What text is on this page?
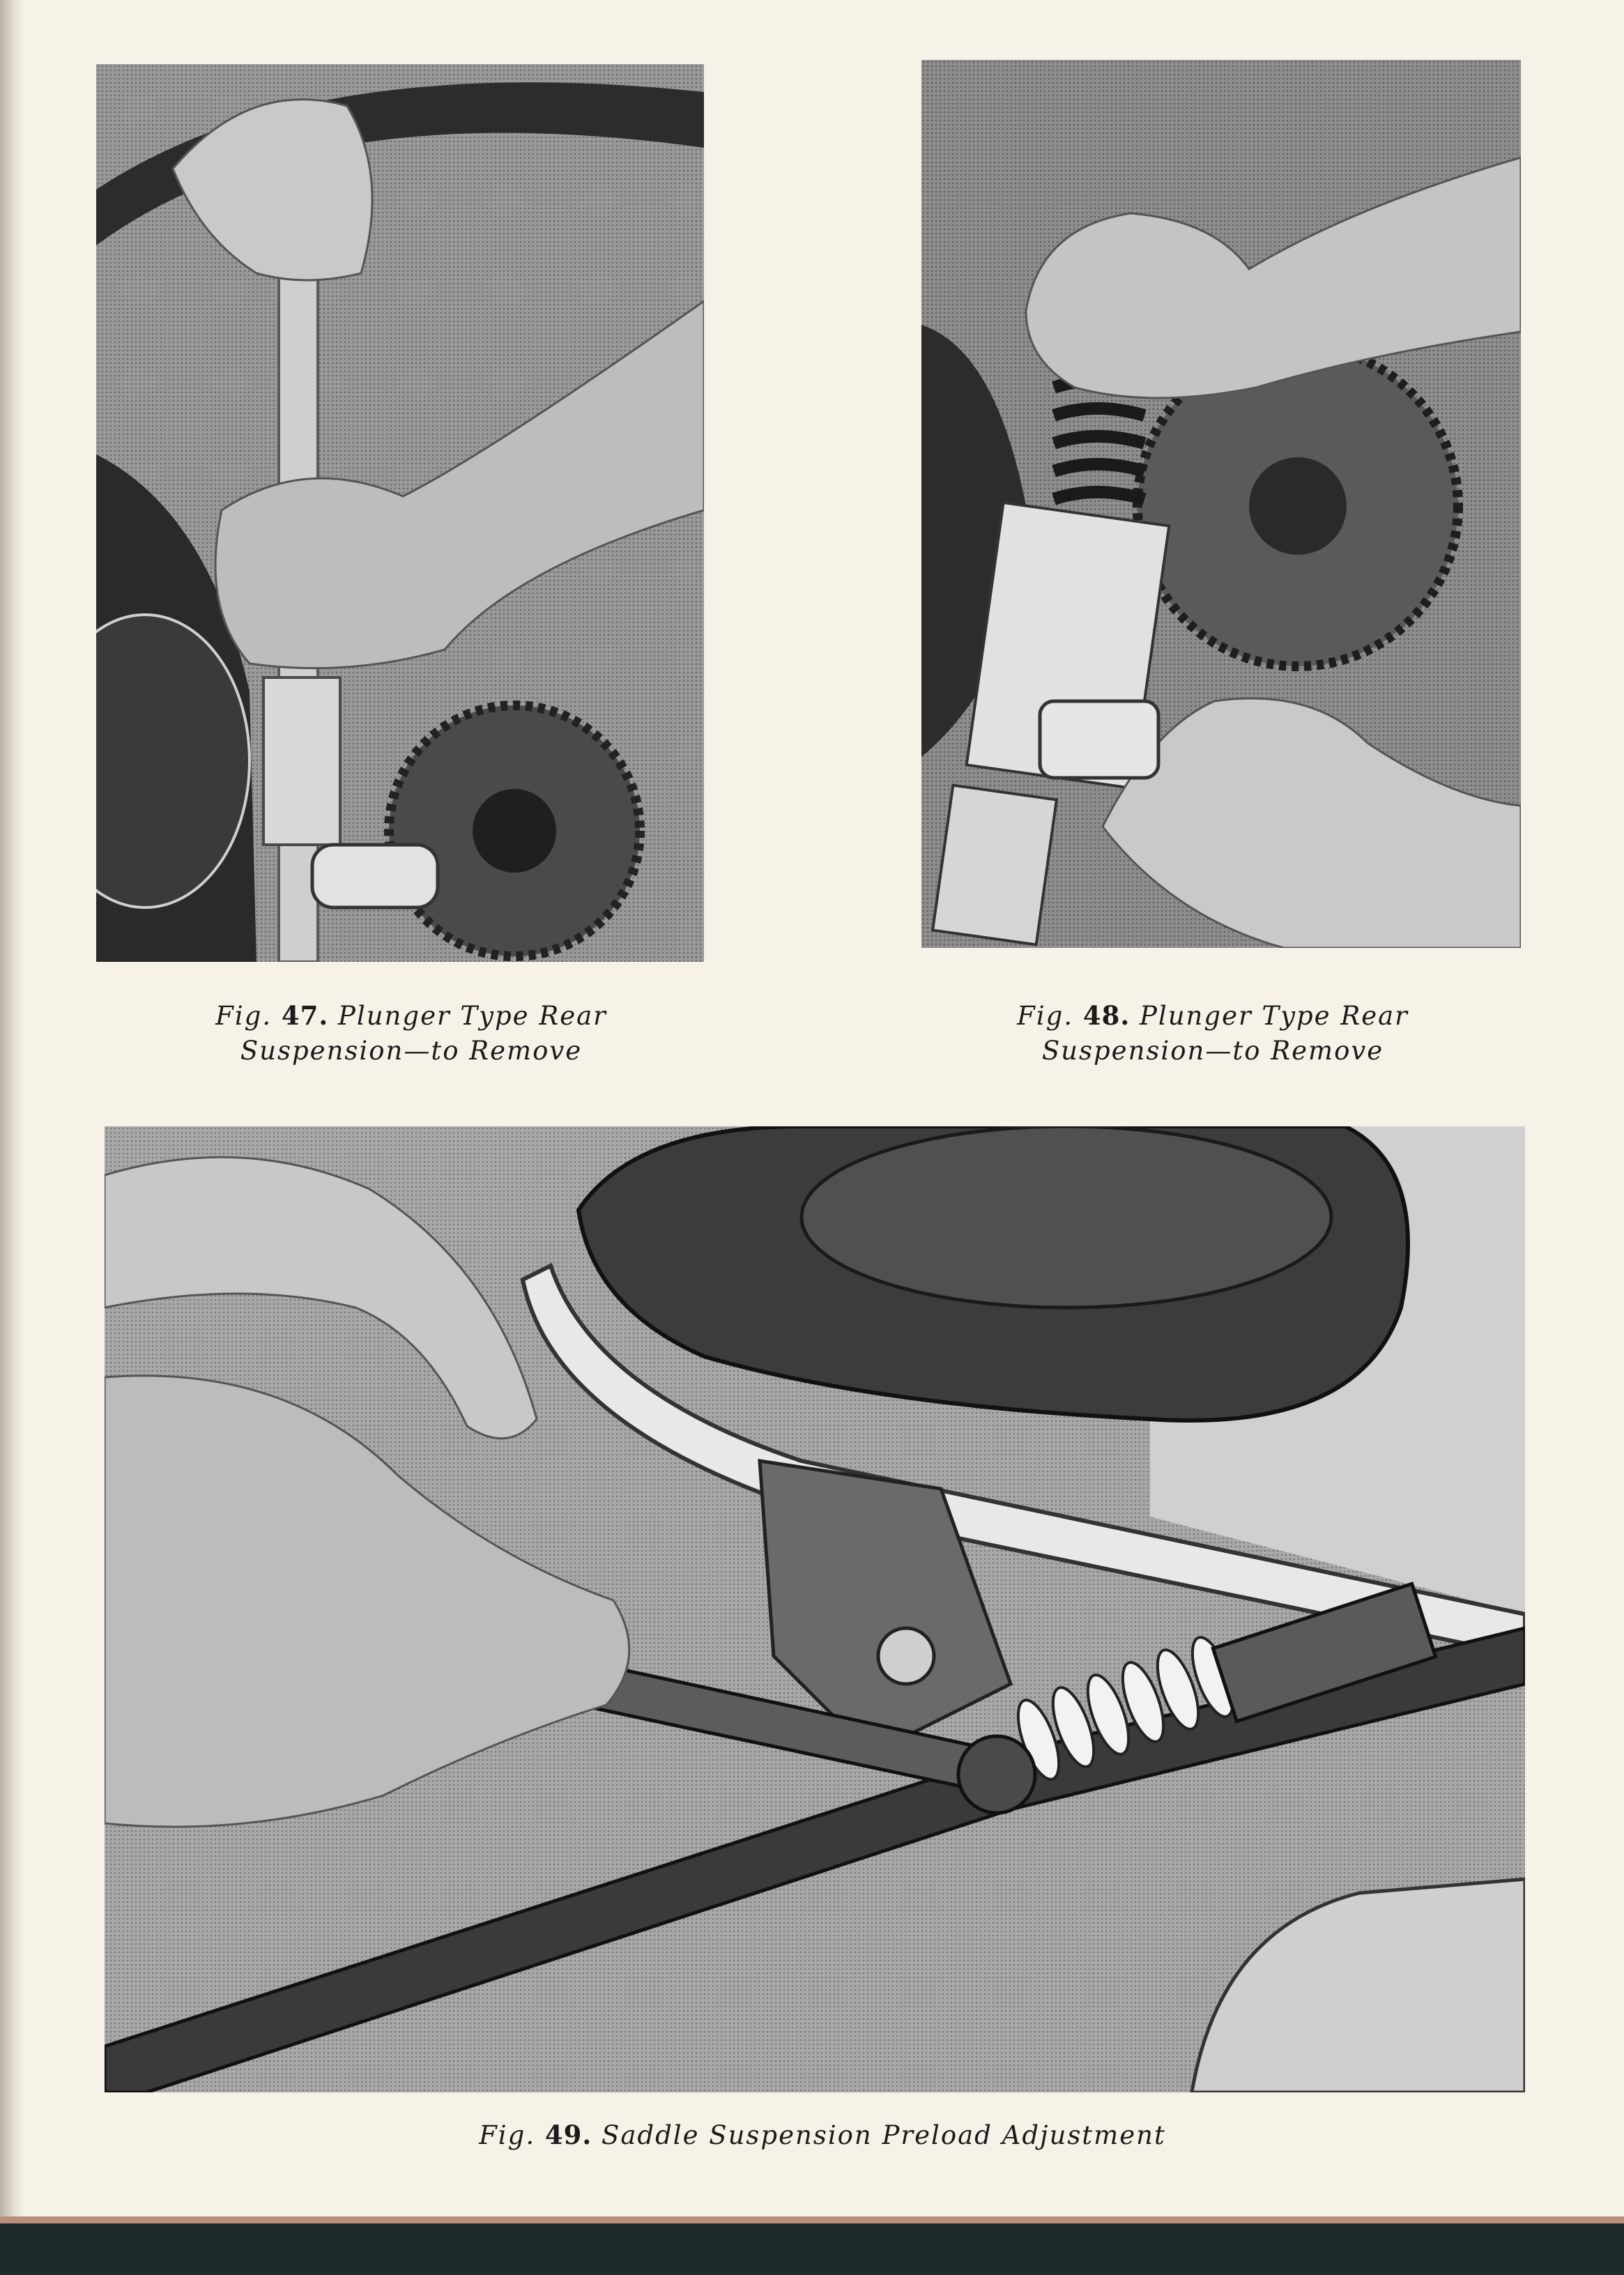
Fig. 47. Plunger Type Rear
Suspension—to Remove
Fig. 48. Plunger Type Rear
Suspension—to Remove
Fig. 49. Saddle Suspension Preload Adjustment
